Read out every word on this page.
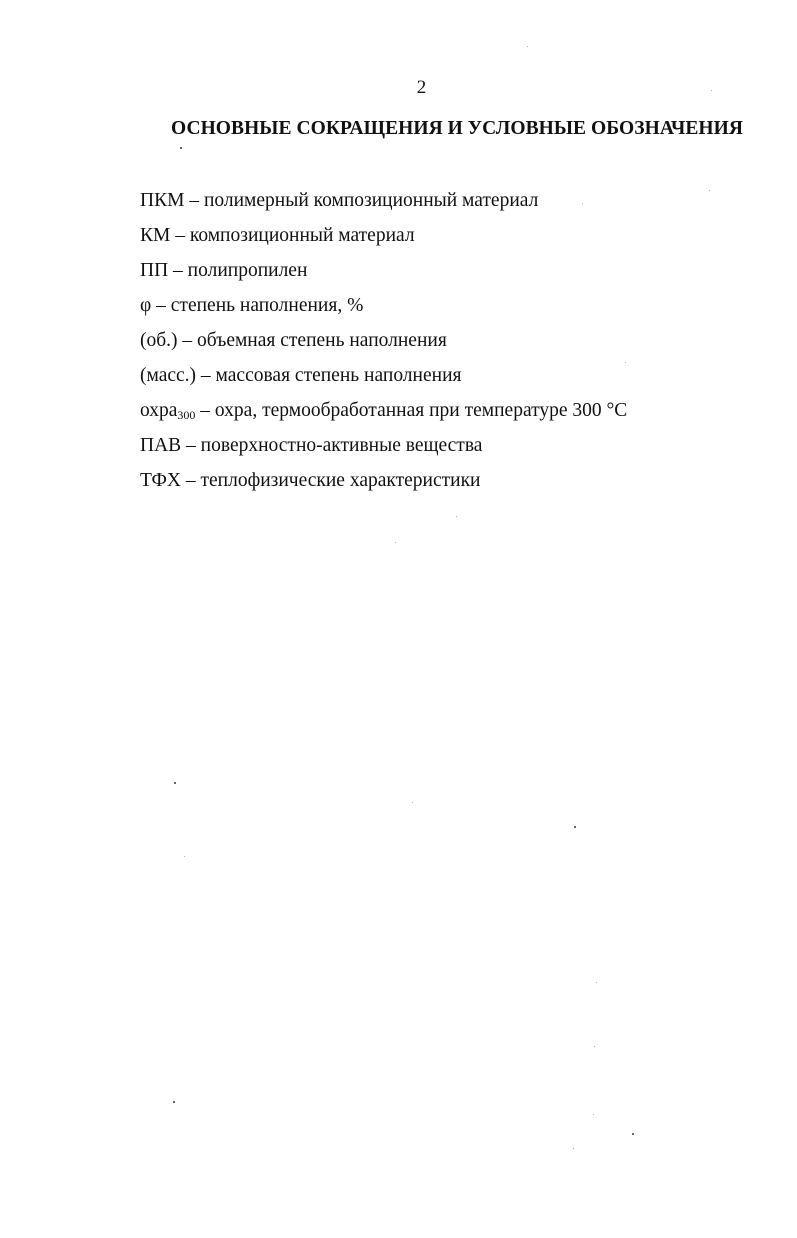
2
ОСНОВНЫЕ СОКРАЩЕНИЯ И УСЛОВНЫЕ ОБОЗНАЧЕНИЯ
ПКМ – полимерный композиционный материал
КМ – композиционный материал
ПП – полипропилен
φ – степень наполнения, %
(об.) – объемная степень наполнения
(масс.) – массовая степень наполнения
охра$_{300}$ – охра, термообработанная при температуре 300 °С
ПАВ – поверхностно-активные вещества
ТФХ – теплофизические характеристики
